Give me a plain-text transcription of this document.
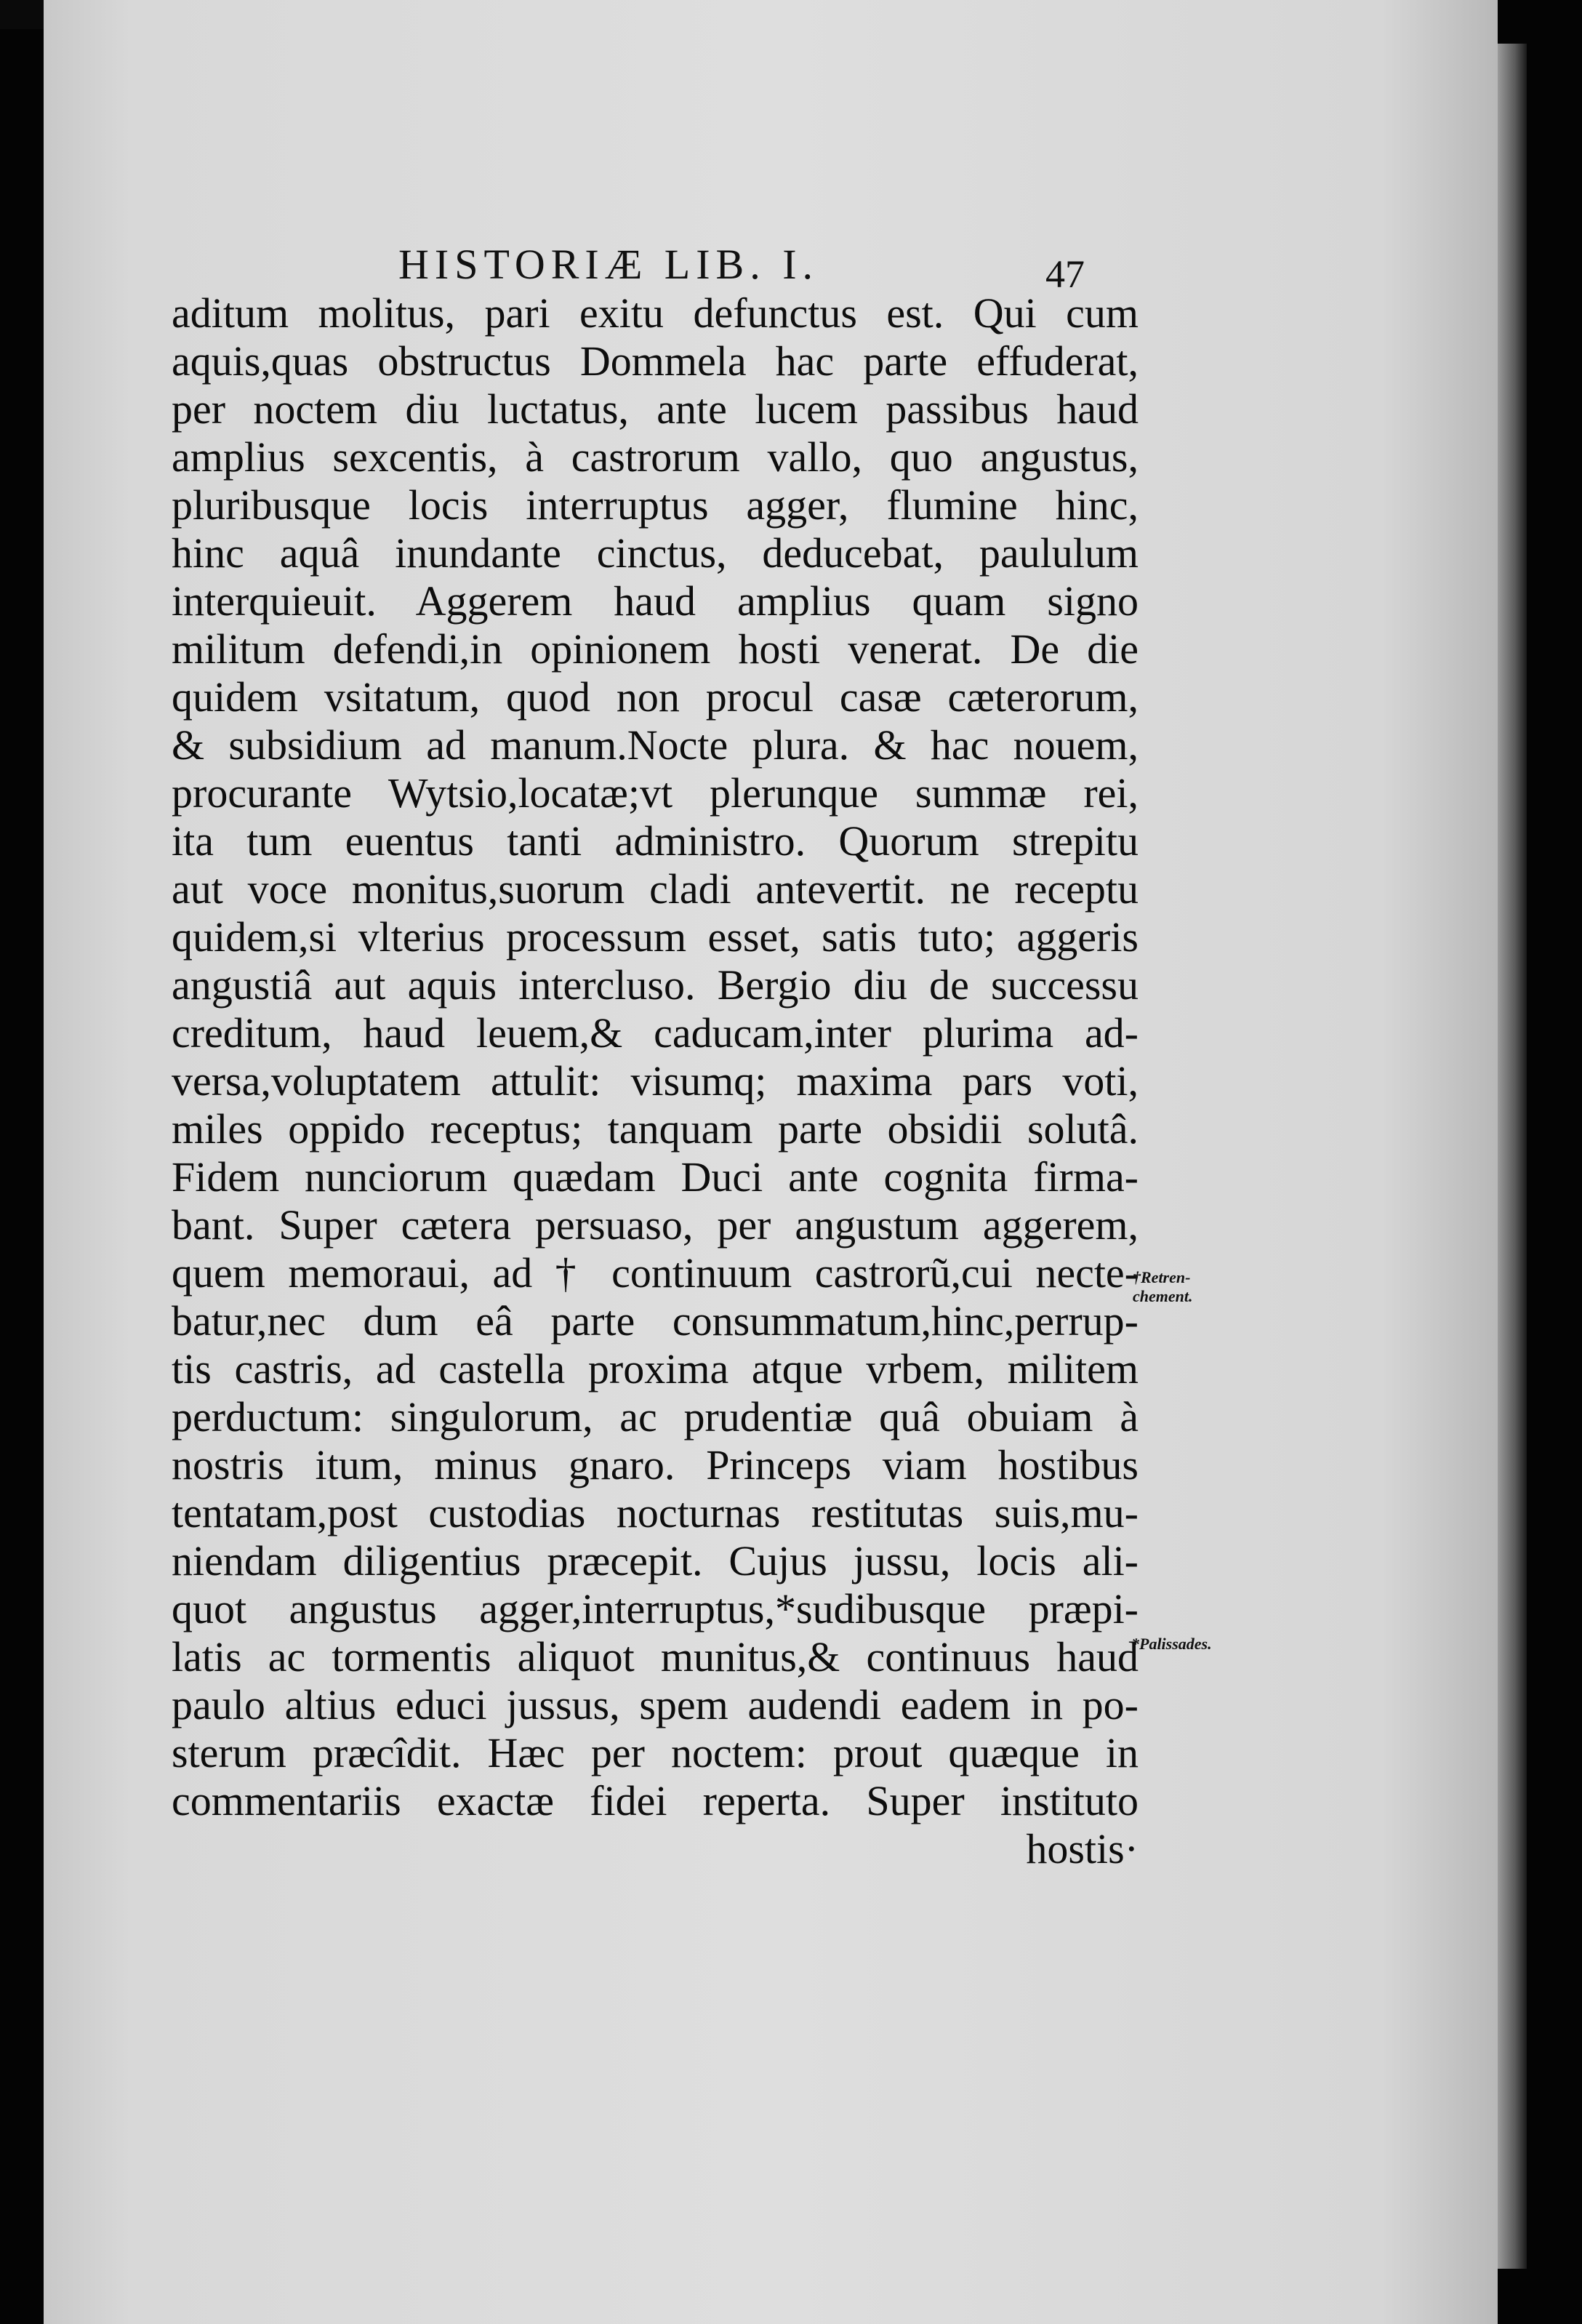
HISTORIÆ LIB. I.	47
aditum molitus, pari exitu defunctus est. Qui cum
aquis,quas obstructus Dommela hac parte effuderat,
per noctem diu luctatus, ante lucem passibus haud
amplius sexcentis, à castrorum vallo, quo angustus,
pluribusque locis interruptus agger, flumine hinc,
hinc aquâ inundante cinctus, deducebat, paululum
interquieuit. Aggerem haud amplius quam signo
militum defendi,in opinionem hosti venerat. De die
quidem vsitatum, quod non procul casæ cæterorum,
& subsidium ad manum.Nocte plura. & hac nouem,
procurante Wytsio,locatæ;vt plerunque summæ rei,
ita tum euentus tanti administro. Quorum strepitu
aut voce monitus,suorum cladi antevertit. ne receptu
quidem,si vlterius processum esset, satis tuto; aggeris
angustiâ aut aquis intercluso. Bergio diu de successu
creditum, haud leuem,& caducam,inter plurima ad-
versa,voluptatem attulit: visumq; maxima pars voti,
miles oppido receptus; tanquam parte obsidii solutâ.
Fidem nunciorum quædam Duci ante cognita firma-
bant. Super cætera persuaso, per angustum aggerem,
quem memoraui, ad † continuum castrorũ,cui necte-
batur,nec dum eâ parte consummatum,hinc,perrup-
tis castris, ad castella proxima atque vrbem, militem
perductum: singulorum, ac prudentiæ quâ obuiam à
nostris itum, minus gnaro. Princeps viam hostibus
tentatam,post custodias nocturnas restitutas suis,mu-
niendam diligentius præcepit. Cujus jussu, locis ali-
quot angustus agger,interruptus,*sudibusque præpi-
latis ac tormentis aliquot munitus,& continuus haud
paulo altius educi jussus, spem audendi eadem in po-
sterum præcîdit. Hæc per noctem: prout quæque in
commentariis exactæ fidei reperta. Super instituto
hostis·
†Retren-
chement.
*Palissades.
